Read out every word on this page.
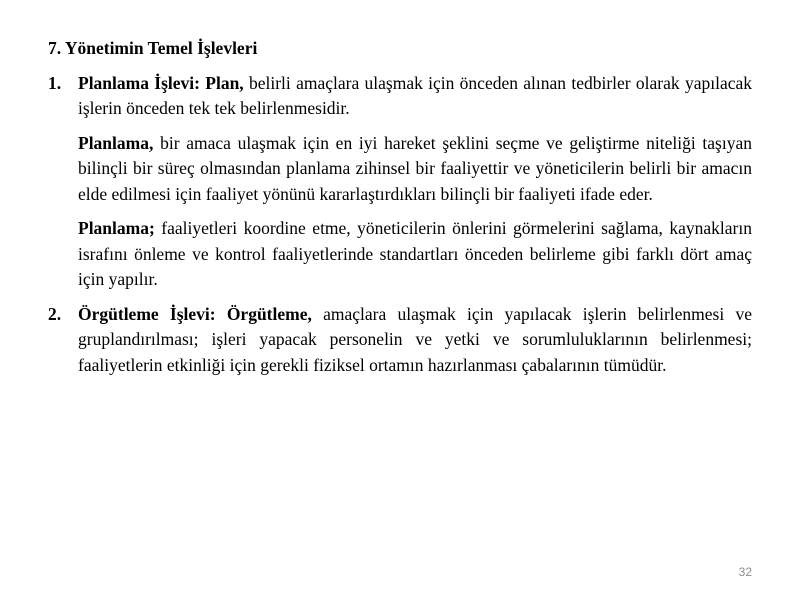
7. Yönetimin Temel İşlevleri
1. Planlama İşlevi: Plan, belirli amaçlara ulaşmak için önceden alınan tedbirler olarak yapılacak işlerin önceden tek tek belirlenmesidir.
Planlama, bir amaca ulaşmak için en iyi hareket şeklini seçme ve geliştirme niteliği taşıyan bilinçli bir süreç olmasından planlama zihinsel bir faaliyettir ve yöneticilerin belirli bir amacın elde edilmesi için faaliyet yönünü kararlaştırdıkları bilinçli bir faaliyeti ifade eder.
Planlama; faaliyetleri koordine etme, yöneticilerin önlerini görmelerini sağlama, kaynakların israfını önleme ve kontrol faaliyetlerinde standartları önceden belirleme gibi farklı dört amaç için yapılır.
2. Örgütleme İşlevi: Örgütleme, amaçlara ulaşmak için yapılacak işlerin belirlenmesi ve gruplandırılması; işleri yapacak personelin ve yetki ve sorumluluklarının belirlenmesi; faaliyetlerin etkinliği için gerekli fiziksel ortamın hazırlanması çabalarının tümüdür.
32
